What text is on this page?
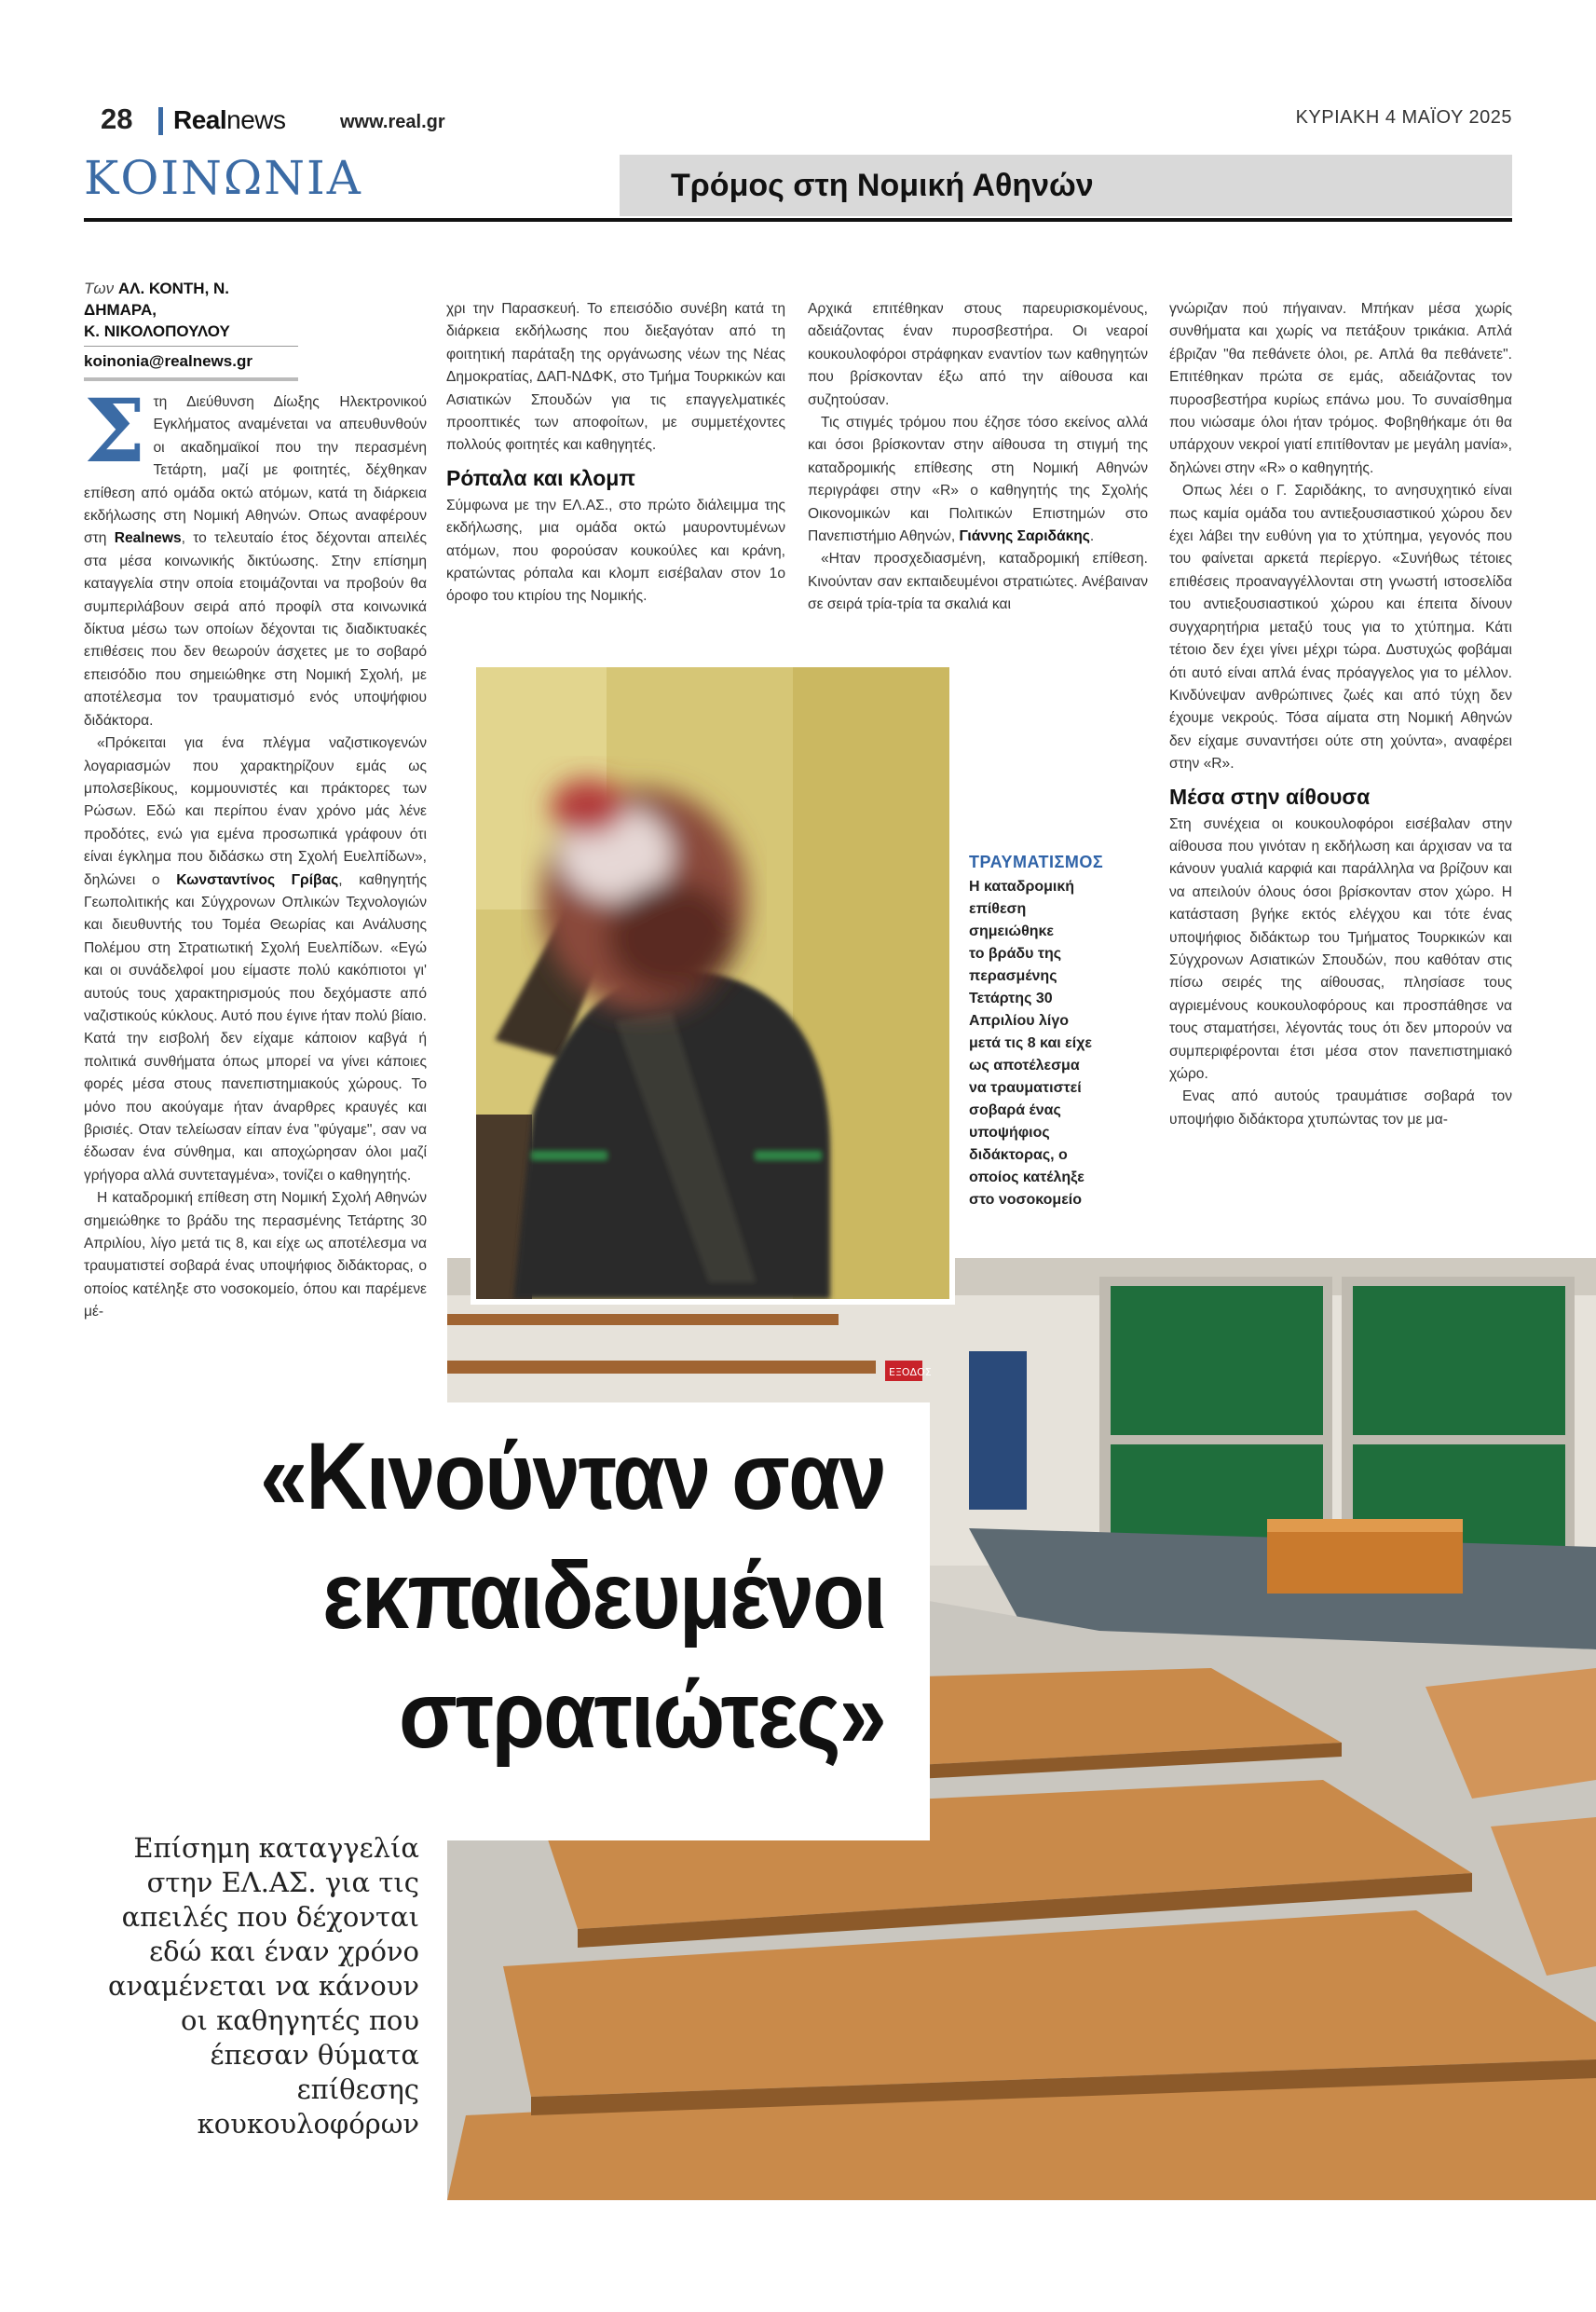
28 Realnews	www.real.gr	ΚΥΡΙΑΚΗ 4 ΜΑΪΟΥ 2025
ΚΟΙΝΩΝΙΑ	Τρόμος στη Νομική Αθηνών
Των ΑΛ. ΚΟΝΤΗ, Ν. ΔΗΜΑΡΑ,
Κ. ΝΙΚΟΛΟΠΟΥΛΟΥ
koinonia@realnews.gr

Στη Διεύθυνση Δίωξης Ηλεκτρονικού Εγκλήματος αναμένεται να απευθυνθούν οι ακαδημαϊκοί που την περασμένη Τετάρτη, μαζί με φοιτητές, δέχθηκαν επίθεση από ομάδα οκτώ ατόμων, κατά τη διάρκεια εκδήλωσης στη Νομική Αθηνών. Οπως αναφέρουν στη Realnews, το τελευταίο έτος δέχονται απειλές στα μέσα κοινωνικής δικτύωσης. Στην επίσημη καταγγελία στην οποία ετοιμάζονται να προβούν θα συμπεριλάβουν σειρά από προφίλ στα κοινωνικά δίκτυα μέσω των οποίων δέχονται τις διαδικτυακές επιθέσεις που δεν θεωρούν άσχετες με το σοβαρό επεισόδιο που σημειώθηκε στη Νομική Σχολή, με αποτέλεσμα τον τραυματισμό ενός υποψήφιου διδάκτορα.

«Πρόκειται για ένα πλέγμα ναζιστικογενών λογαριασμών που χαρακτηρίζουν εμάς ως μπολσεβίκους, κομμουνιστές και πράκτορες των Ρώσων. Εδώ και περίπου έναν χρόνο μάς λένε προδότες, ενώ για εμένα προσωπικά γράφουν ότι είναι έγκλημα που διδάσκω στη Σχολή Ευελπίδων», δηλώνει ο Κωνσταντίνος Γρίβας, καθηγητής Γεωπολιτικής και Σύγχρονων Οπλικών Τεχνολογιών και διευθυντής του Τομέα Θεωρίας και Ανάλυσης Πολέμου στη Στρατιωτική Σχολή Ευελπίδων. «Εγώ και οι συνάδελφοί μου είμαστε πολύ κακόπιοτοι γι' αυτούς τους χαρακτηρισμούς που δεχόμαστε από ναζιστικούς κύκλους. Αυτό που έγινε ήταν πολύ βίαιο. Κατά την εισβολή δεν είχαμε κάποιον καβγά ή πολιτικά συνθήματα όπως μπορεί να γίνει κάποιες φορές μέσα στους πανεπιστημιακούς χώρους. Το μόνο που ακούγαμε ήταν άναρθρες κραυγές και βρισιές. Οταν τελείωσαν είπαν ένα "φύγαμε", σαν να έδωσαν ένα σύνθημα, και αποχώρησαν όλοι μαζί γρήγορα αλλά συντεταγμένα», τονίζει ο καθηγητής.

Η καταδρομική επίθεση στη Νομική Σχολή Αθηνών σημειώθηκε το βράδυ της περασμένης Τετάρτης 30 Απριλίου, λίγο μετά τις 8, και είχε ως αποτέλεσμα να τραυματιστεί σοβαρά ένας υποψήφιος διδάκτορας, ο οποίος κατέληξε στο νοσοκομείο, όπου και παρέμενε μέ-

χρι την Παρασκευή. Το επεισόδιο συνέβη κατά τη διάρκεια εκδήλωσης που διεξαγόταν από τη φοιτητική παράταξη της οργάνωσης νέων της Νέας Δημοκρατίας, ΔΑΠ-ΝΔΦΚ, στο Τμήμα Τουρκικών και Ασιατικών Σπουδών για τις επαγγελματικές προοπτικές των αποφοίτων, με συμμετέχοντες πολλούς φοιτητές και καθηγητές.

Ρόπαλα και κλομπ

Σύμφωνα με την ΕΛ.ΑΣ., στο πρώτο διάλειμμα της εκδήλωσης, μια ομάδα οκτώ μαυροντυμένων ατόμων, που φορούσαν κουκούλες και κράνη, κρατώντας ρόπαλα και κλομπ εισέβαλαν στον 1ο όροφο του κτιρίου της Νομικής.

Αρχικά επιτέθηκαν στους παρευρισκομένους, αδειάζοντας έναν πυροσβεστήρα. Οι νεαροί κουκουλοφόροι στράφηκαν εναντίον των καθηγητών που βρίσκονταν έξω από την αίθουσα και συζητούσαν.

Τις στιγμές τρόμου που έζησε τόσο εκείνος αλλά και όσοι βρίσκονταν στην αίθουσα τη στιγμή της καταδρομικής επίθεσης στη Νομική Αθηνών περιγράφει στην «R» ο καθηγητής της Σχολής Οικονομικών και Πολιτικών Επιστημών στο Πανεπιστήμιο Αθηνών, Γιάννης Σαριδάκης.

«Ηταν προσχεδιασμένη, καταδρομική επίθεση. Κινούνταν σαν εκπαιδευμένοι στρατιώτες. Ανέβαιναν σε σειρά τρία-τρία τα σκαλιά και

γνώριζαν πού πήγαιναν. Μπήκαν μέσα χωρίς συνθήματα και χωρίς να πετάξουν τρικάκια. Απλά έβριζαν "θα πεθάνετε όλοι, ρε. Απλά θα πεθάνετε". Επιτέθηκαν πρώτα σε εμάς, αδειάζοντας τον πυροσβεστήρα κυρίως επάνω μου. Το συναίσθημα που νιώσαμε όλοι ήταν τρόμος. Φοβηθήκαμε ότι θα υπάρχουν νεκροί γιατί επιτίθονταν με μεγάλη μανία», δηλώνει στην «R» ο καθηγητής.

Οπως λέει ο Γ. Σαριδάκης, το ανησυχητικό είναι πως καμία ομάδα του αντιεξουσιαστικού χώρου δεν έχει λάβει την ευθύνη για το χτύπημα, γεγονός που του φαίνεται αρκετά περίεργο. «Συνήθως τέτοιες επιθέσεις προαναγγέλλονται στη γνωστή ιστοσελίδα του αντιεξουσιαστικού χώρου και έπειτα δίνουν συγχαρητήρια μεταξύ τους για το χτύπημα. Κάτι τέτοιο δεν έχει γίνει μέχρι τώρα. Δυστυχώς φοβάμαι ότι αυτό είναι απλά ένας πρόαγγελος για το μέλλον. Κινδύνεψαν ανθρώπινες ζωές και από τύχη δεν έχουμε νεκρούς. Τόσα αίματα στη Νομική Αθηνών δεν είχαμε συναντήσει ούτε στη χούντα», αναφέρει στην «R».

Μέσα στην αίθουσα

Στη συνέχεια οι κουκουλοφόροι εισέβαλαν στην αίθουσα που γινόταν η εκδήλωση και άρχισαν να τα κάνουν γυαλιά καρφιά και παράλληλα να βρίζουν και να απειλούν όλους όσοι βρίσκονταν στον χώρο. Η κατάσταση βγήκε εκτός ελέγχου και τότε ένας υποψήφιος διδάκτωρ του Τμήματος Τουρκικών και Σύγχρονων Ασιατικών Σπουδών, που καθόταν στις πίσω σειρές της αίθουσας, πλησίασε τους αγριεμένους κουκουλοφόρους και προσπάθησε να τους σταματήσει, λέγοντάς τους ότι δεν μπορούν να συμπεριφέρονται έτσι μέσα στον πανεπιστημιακό χώρο.

Ενας από αυτούς τραυμάτισε σοβαρά τον υποψήφιο διδάκτορα χτυπώντας τον με μα-

ΕΞΟΔΟΣ
ΤΡΑΥΜΑΤΙΣΜΟΣ
Η καταδρομική
επίθεση
σημειώθηκε
το βράδυ της
περασμένης
Τετάρτης 30
Απριλίου λίγο
μετά τις 8 και είχε
ως αποτέλεσμα
να τραυματιστεί
σοβαρά ένας
υποψήφιος
διδάκτορας, ο
οποίος κατέληξε
στο νοσοκομείο
«Κινούνταν σαν
εκπαιδευμένοι
στρατιώτες»
Επίσημη καταγγελία
στην ΕΛ.ΑΣ. για τις
απειλές που δέχονται
εδώ και έναν χρόνο
αναμένεται να κάνουν
οι καθηγητές που
έπεσαν θύματα επίθεσης
κουκουλοφόρων
